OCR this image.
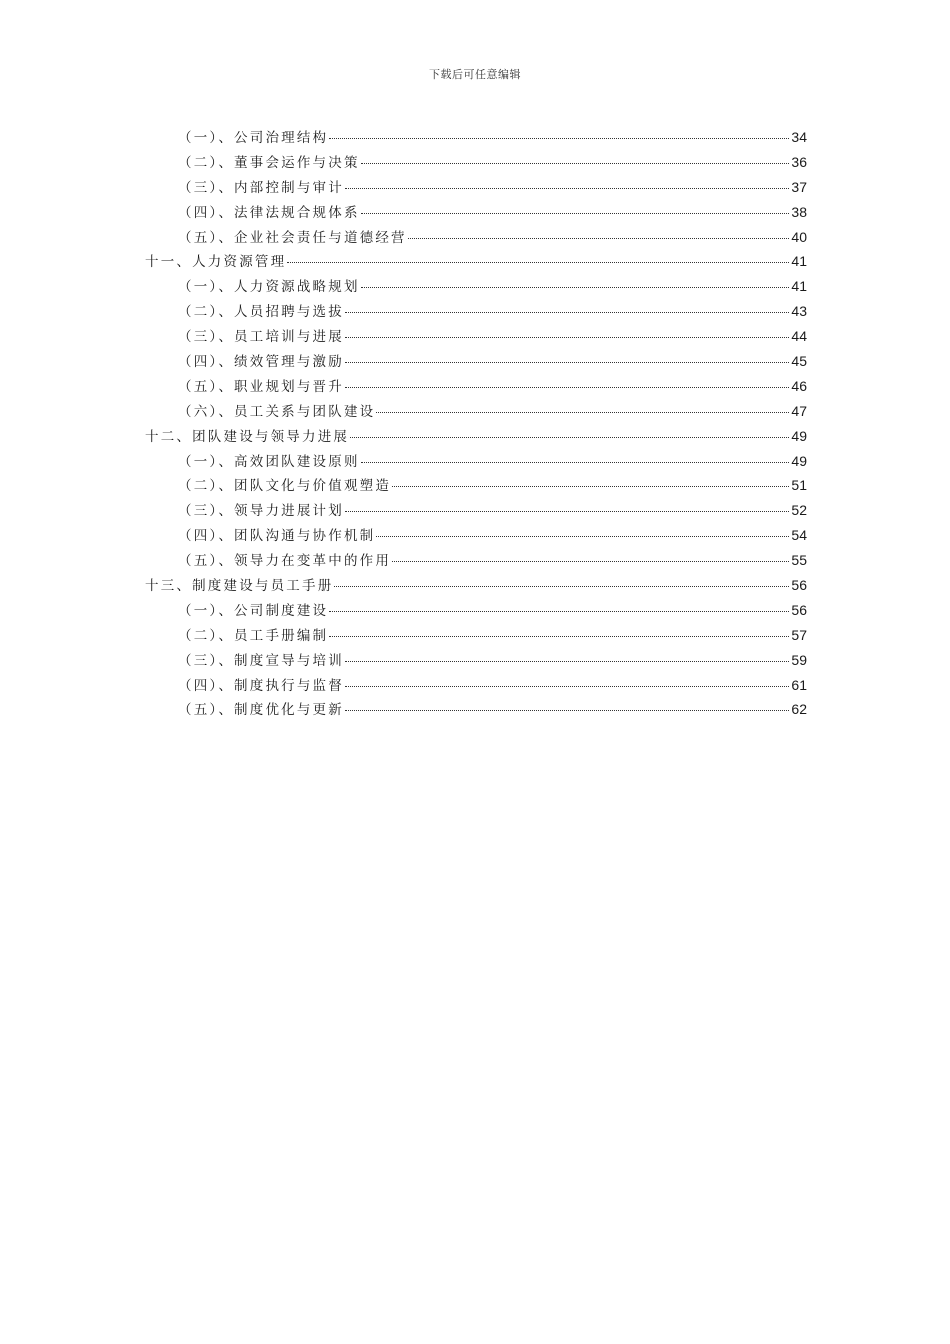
下载后可任意编辑
（一）、公司治理结构	34
（二）、董事会运作与决策	36
（三）、内部控制与审计	37
（四）、法律法规合规体系	38
（五）、企业社会责任与道德经营	40
十一、人力资源管理	41
（一）、人力资源战略规划	41
（二）、人员招聘与选拔	43
（三）、员工培训与进展	44
（四）、绩效管理与激励	45
（五）、职业规划与晋升	46
（六）、员工关系与团队建设	47
十二、团队建设与领导力进展	49
（一）、高效团队建设原则	49
（二）、团队文化与价值观塑造	51
（三）、领导力进展计划	52
（四）、团队沟通与协作机制	54
（五）、领导力在变革中的作用	55
十三、制度建设与员工手册	56
（一）、公司制度建设	56
（二）、员工手册编制	57
（三）、制度宣导与培训	59
（四）、制度执行与监督	61
（五）、制度优化与更新	62
